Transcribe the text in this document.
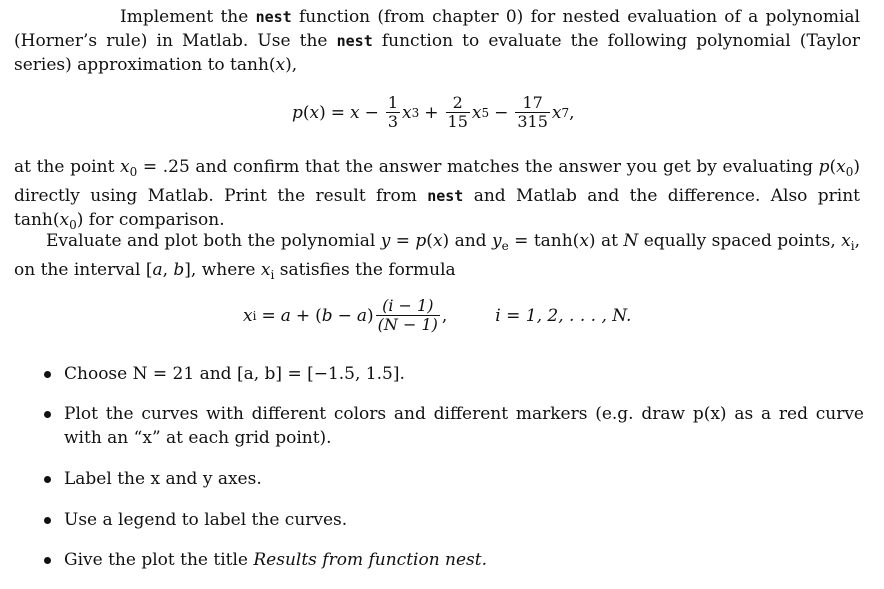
Implement the nest function (from chapter 0) for nested evaluation of a polynomial (Horner’s rule) in Matlab. Use the nest function to evaluate the following polynomial (Taylor series) approximation to tanh(x),

p ( x ) = $x - \frac{1}{3}$ x $3 + \frac{2}{15}$ x $5 - \frac{17}{315}$ x 7 ,

at the point $x_0 = .25$ and confirm that the answer matches the answer you get by evaluating $p(x_0)$ directly using Matlab. Print the result from nest and Matlab and the difference. Also print $\tanh(x_0)$ for comparison.

Evaluate and plot both the polynomial y = p(x) and $y_e = \tanh(x)$ at N equally spaced points, $x_i$, on the interval [a, b], where $x_i$ satisfies the formula

x i = a + ( b − a ) $\frac{(i - 1)}{(N - 1)}$ ,	i = 1, 2, . . . , N.
Choose N = 21 and [a, b] = [−1.5, 1.5].
Plot the curves with different colors and different markers (e.g. draw p(x) as a red curve with an “x” at each grid point).
Label the x and y axes.
Use a legend to label the curves.
Give the plot the title Results from function nest.
